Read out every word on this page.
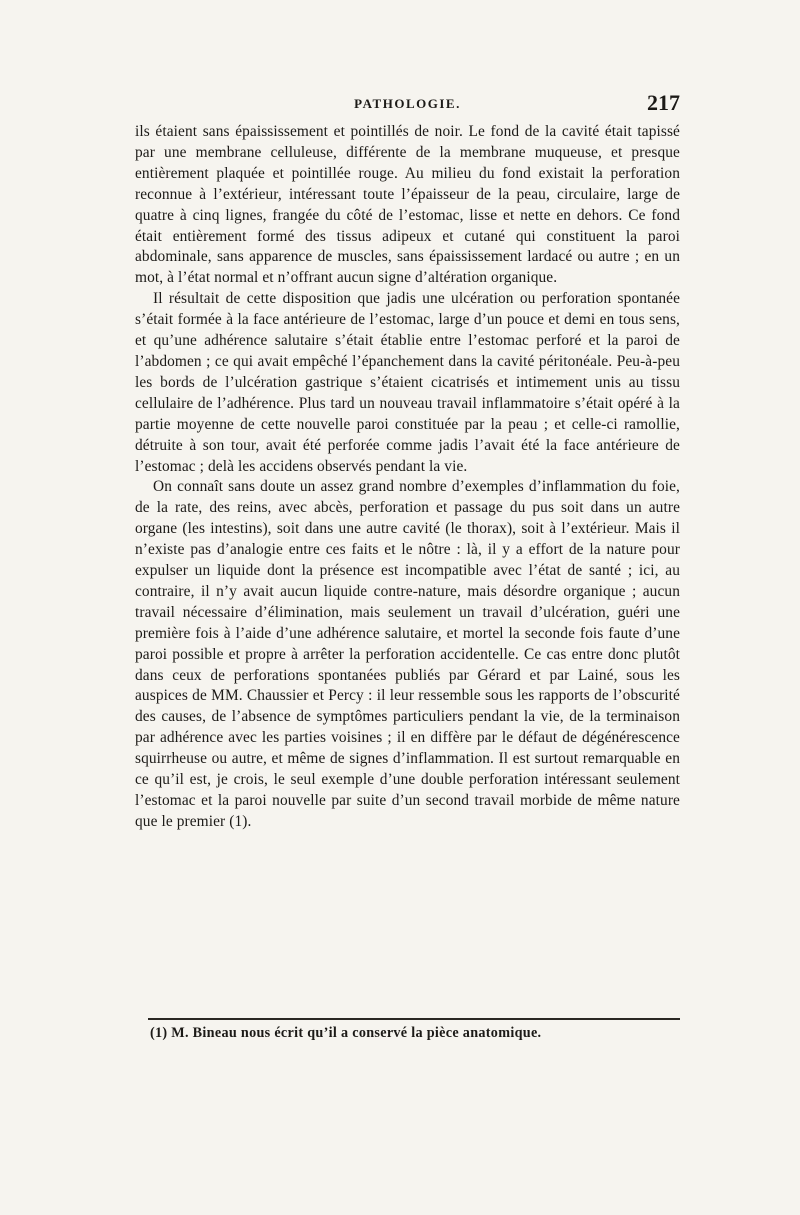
PATHOLOGIE.	217

ils étaient sans épaississement et pointillés de noir. Le fond de la cavité était tapissé par une membrane celluleuse, différente de la membrane muqueuse, et presque entièrement plaquée et pointillée rouge. Au milieu du fond existait la perforation reconnue à l’extérieur, intéressant toute l’épaisseur de la peau, circulaire, large de quatre à cinq lignes, frangée du côté de l’estomac, lisse et nette en dehors. Ce fond était entièrement formé des tissus adipeux et cutané qui constituent la paroi abdominale, sans apparence de muscles, sans épaississement lardacé ou autre ; en un mot, à l’état normal et n’offrant aucun signe d’altération organique.

Il résultait de cette disposition que jadis une ulcération ou perforation spontanée s’était formée à la face antérieure de l’estomac, large d’un pouce et demi en tous sens, et qu’une adhérence salutaire s’était établie entre l’estomac perforé et la paroi de l’abdomen ; ce qui avait empêché l’épanchement dans la cavité péritonéale. Peu-à-peu les bords de l’ulcération gastrique s’étaient cicatrisés et intimement unis au tissu cellulaire de l’adhérence. Plus tard un nouveau travail inflammatoire s’était opéré à la partie moyenne de cette nouvelle paroi constituée par la peau ; et celle-ci ramollie, détruite à son tour, avait été perforée comme jadis l’avait été la face antérieure de l’estomac ; delà les accidens observés pendant la vie.

On connaît sans doute un assez grand nombre d’exemples d’inflammation du foie, de la rate, des reins, avec abcès, perforation et passage du pus soit dans un autre organe (les intestins), soit dans une autre cavité (le thorax), soit à l’extérieur. Mais il n’existe pas d’analogie entre ces faits et le nôtre : là, il y a effort de la nature pour expulser un liquide dont la présence est incompatible avec l’état de santé ; ici, au contraire, il n’y avait aucun liquide contre-nature, mais désordre organique ; aucun travail nécessaire d’élimination, mais seulement un travail d’ulcération, guéri une première fois à l’aide d’une adhérence salutaire, et mortel la seconde fois faute d’une paroi possible et propre à arrêter la perforation accidentelle. Ce cas entre donc plutôt dans ceux de perforations spontanées publiés par Gérard et par Lainé, sous les auspices de MM. Chaussier et Percy : il leur ressemble sous les rapports de l’obscurité des causes, de l’absence de symptômes particuliers pendant la vie, de la terminaison par adhérence avec les parties voisines ; il en diffère par le défaut de dégénérescence squirrheuse ou autre, et même de signes d’inflammation. Il est surtout remarquable en ce qu’il est, je crois, le seul exemple d’une double perforation intéressant seulement l’estomac et la paroi nouvelle par suite d’un second travail morbide de même nature que le premier (1).

(1) M. Bineau nous écrit qu’il a conservé la pièce anatomique.
